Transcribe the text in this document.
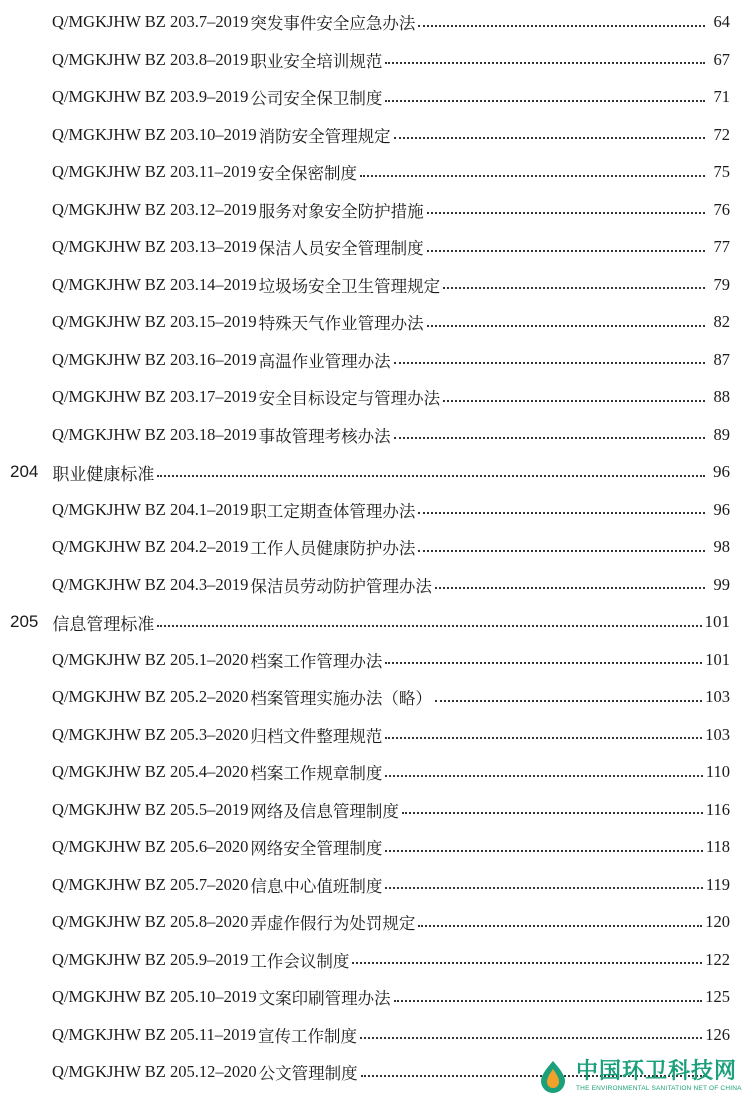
Q/MGKJHW BZ 203.7–2019 突发事件安全应急办法	64
Q/MGKJHW BZ 203.8–2019 职业安全培训规范	67
Q/MGKJHW BZ 203.9–2019 公司安全保卫制度	71
Q/MGKJHW BZ 203.10–2019 消防安全管理规定	72
Q/MGKJHW BZ 203.11–2019 安全保密制度	75
Q/MGKJHW BZ 203.12–2019 服务对象安全防护措施	76
Q/MGKJHW BZ 203.13–2019 保洁人员安全管理制度	77
Q/MGKJHW BZ 203.14–2019 垃圾场安全卫生管理规定	79
Q/MGKJHW BZ 203.15–2019 特殊天气作业管理办法	82
Q/MGKJHW BZ 203.16–2019 高温作业管理办法	87
Q/MGKJHW BZ 203.17–2019 安全目标设定与管理办法	88
Q/MGKJHW BZ 203.18–2019 事故管理考核办法	89
204 职业健康标准	96
Q/MGKJHW BZ 204.1–2019 职工定期查体管理办法	96
Q/MGKJHW BZ 204.2–2019 工作人员健康防护办法	98
Q/MGKJHW BZ 204.3–2019 保洁员劳动防护管理办法	99
205 信息管理标准	101
Q/MGKJHW BZ 205.1–2020 档案工作管理办法	101
Q/MGKJHW BZ 205.2–2020 档案管理实施办法（略）	103
Q/MGKJHW BZ 205.3–2020 归档文件整理规范	103
Q/MGKJHW BZ 205.4–2020 档案工作规章制度	110
Q/MGKJHW BZ 205.5–2019 网络及信息管理制度	116
Q/MGKJHW BZ 205.6–2020 网络安全管理制度	118
Q/MGKJHW BZ 205.7–2020 信息中心值班制度	119
Q/MGKJHW BZ 205.8–2020 弄虚作假行为处罚规定	120
Q/MGKJHW BZ 205.9–2019 工作会议制度	122
Q/MGKJHW BZ 205.10–2019 文案印刷管理办法	125
Q/MGKJHW BZ 205.11–2019 宣传工作制度	126
Q/MGKJHW BZ 205.12–2020 公文管理制度	中国环卫科技网
THE ENVIRONMENTAL SANITATION NET OF CHINA
